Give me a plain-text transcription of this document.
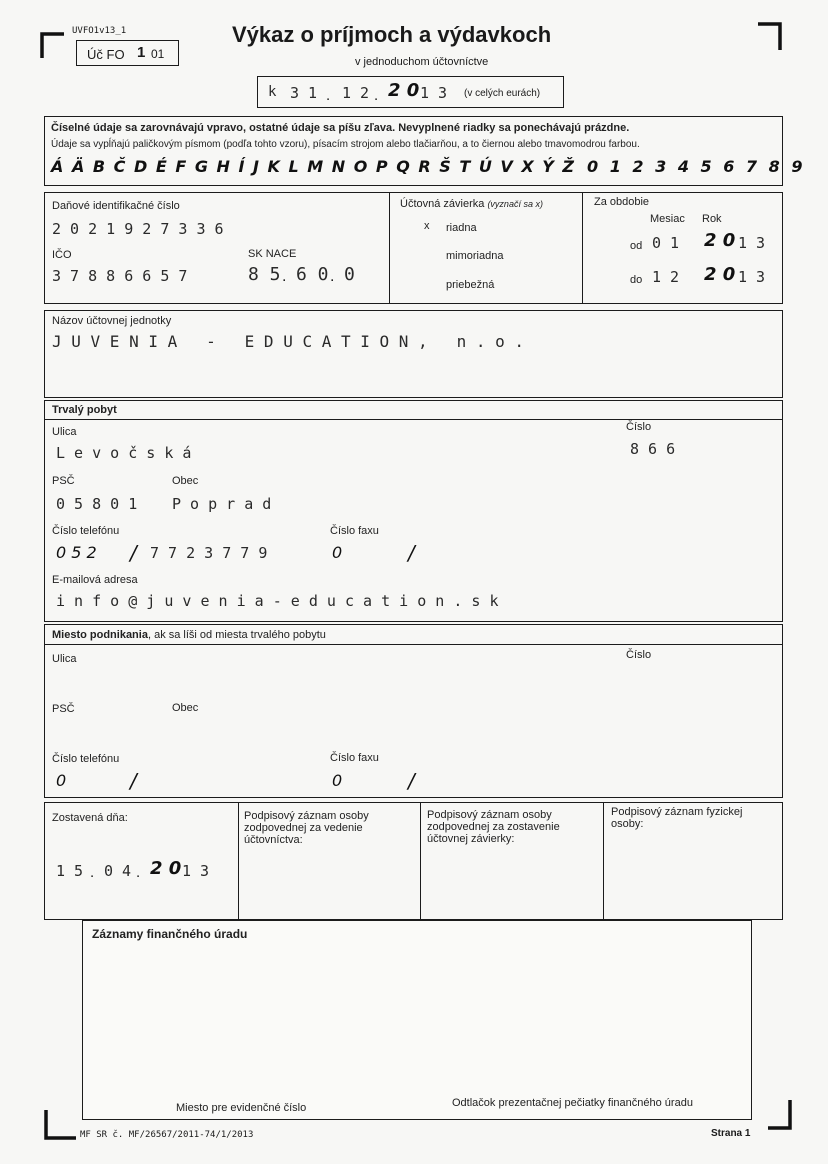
UVFO1v13_1
Úč FO 1 01
Výkaz o príjmoch a výdavkoch
v jednoduchom účtovníctve
k 3 1 . 1 2 . 2 0 1 3 (v celých eurách)
Číselné údaje sa zarovnávajú vpravo, ostatné údaje sa píšu zľava. Nevyplnené riadky sa ponechávajú prázdne.
Údaje sa vypĺňajú paličkovým písmom (podľa tohto vzoru), písacím strojom alebo tlačiarňou, a to čiernou alebo tmavomodrou farbou.
Á Ä B Č D É F G H Í J K L M N O P Q R Š T Ú V X Ý Ž 0 1 2 3 4 5 6 7 8 9
Daňové identifikačné číslo
2 0 2 1 9 2 7 3 3 6
IČO
3 7 8 8 6 6 5 7
SK NACE
8 5 . 6 0 . 0
Účtovná závierka (vyznačí sa x)
x riadna
mimoriadna
priebežná
Za obdobie
Mesiac Rok
od 0 1 2 0 1 3
do 1 2 2 0 1 3
Názov účtovnej jednotky
J U V E N I A   -   E D U C A T I O N ,   n . o .
Trvalý pobyt
Ulica
L e v o č s k á
Číslo
8 6 6
PSČ
0 5 8 0 1
Obec
P o p r a d
Číslo telefónu
0 5 2 / 7 7 2 3 7 7 9
Číslo faxu
0	/
E-mailová adresa
i n f o @ j u v e n i a - e d u c a t i o n . s k
Miesto podnikania, ak sa líši od miesta trvalého pobytu
Ulica	Číslo
PSČ	Obec
Číslo telefónu
0	/
Číslo faxu
0	/
Zostavená dňa:
1 5 . 0 4 . 2 0 1 3
Podpisový záznam osoby
zodpovednej za vedenie
účtovníctva:
Podpisový záznam osoby
zodpovednej za zostavenie
účtovnej závierky:
Podpisový záznam fyzickej
osoby:
Záznamy finančného úradu
Miesto pre evidenčné číslo	Odtlačok prezentačnej pečiatky finančného úradu
MF SR č. MF/26567/2011-74/1/2013	Strana 1
